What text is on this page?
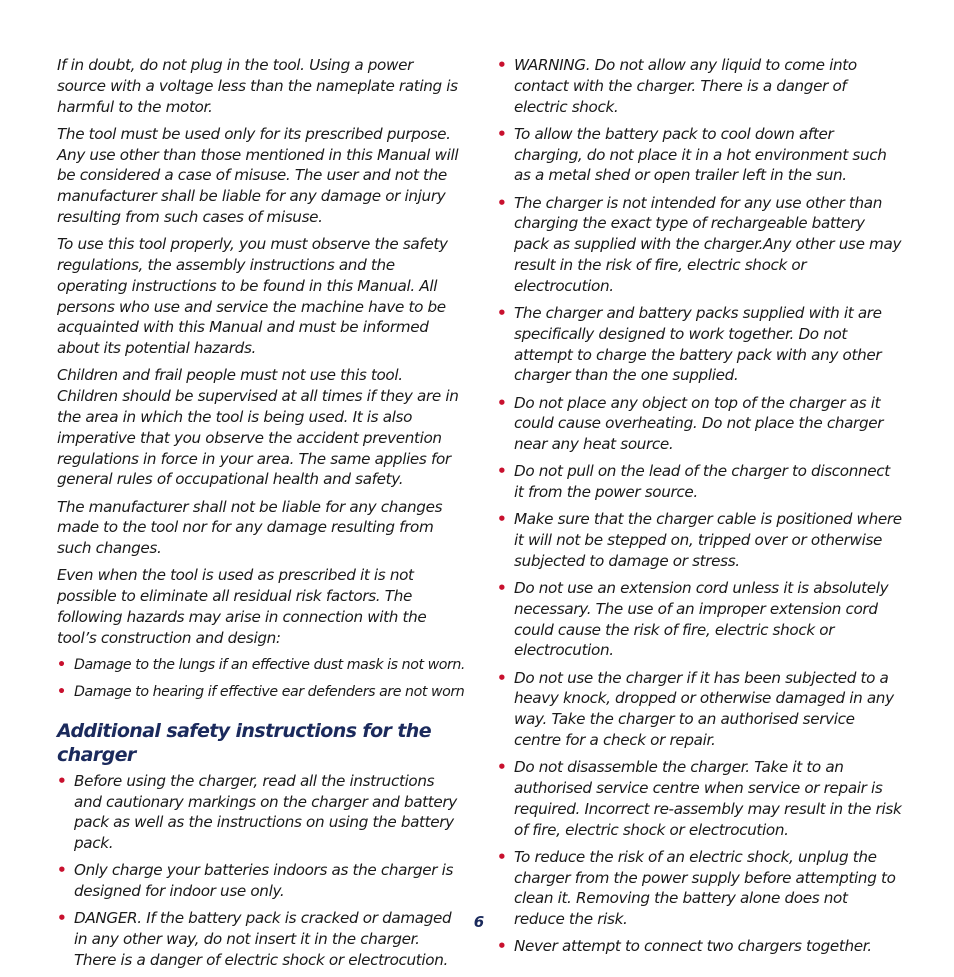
If in doubt, do not plug in the tool. Using a power source with a voltage less than the nameplate rating is harmful to the motor.

The tool must be used only for its prescribed purpose. Any use other than those mentioned in this Manual will be considered a case of misuse. The user and not the manufacturer shall be liable for any damage or injury resulting from such cases of misuse.

To use this tool properly, you must observe the safety regulations, the assembly instructions and the operating instructions to be found in this Manual. All persons who use and service the machine have to be acquainted with this Manual and must be informed about its potential hazards.

Children and frail people must not use this tool. Children should be supervised at all times if they are in the area in which the tool is being used. It is also imperative that you observe the accident prevention regulations in force in your area. The same applies for general rules of occupational health and safety.

The manufacturer shall not be liable for any changes made to the tool nor for any damage resulting from such changes.

Even when the tool is used as prescribed it is not possible to eliminate all residual risk factors. The following hazards may arise in connection with the tool’s construction and design:

• Damage to the lungs if an effective dust mask is not worn.
• Damage to hearing if effective ear defenders are not worn
Additional safety instructions for the charger
• Before using the charger, read all the instructions and cautionary markings on the charger and battery pack as well as the instructions on using the battery pack.
• Only charge your batteries indoors as the charger is designed for indoor use only.
• DANGER. If the battery pack is cracked or damaged in any other way, do not insert it in the charger. There is a danger of electric shock or electrocution.
• WARNING. Do not allow any liquid to come into contact with the charger. There is a danger of electric shock.
• To allow the battery pack to cool down after charging, do not place it in a hot environment such as a metal shed or open trailer left in the sun.
• The charger is not intended for any use other than charging the exact type of rechargeable battery pack as supplied with the charger.Any other use may result in the risk of fire, electric shock or electrocution.
• The charger and battery packs supplied with it are specifically designed to work together. Do not attempt to charge the battery pack with any other charger than the one supplied.
• Do not place any object on top of the charger as it could cause overheating. Do not place the charger near any heat source.
• Do not pull on the lead of the charger to disconnect it from the power source.
• Make sure that the charger cable is positioned where it will not be stepped on, tripped over or otherwise subjected to damage or stress.
• Do not use an extension cord unless it is absolutely necessary. The use of an improper extension cord could cause the risk of fire, electric shock or electrocution.
• Do not use the charger if it has been subjected to a heavy knock, dropped or otherwise damaged in any way. Take the charger to an authorised service centre for a check or repair.
• Do not disassemble the charger. Take it to an authorised service centre when service or repair is required. Incorrect re-assembly may result in the risk of fire, electric shock or electrocution.
• To reduce the risk of an electric shock, unplug the charger from the power supply before attempting to clean it. Removing the battery alone does not reduce the risk.
• Never attempt to connect two chargers together.
6
